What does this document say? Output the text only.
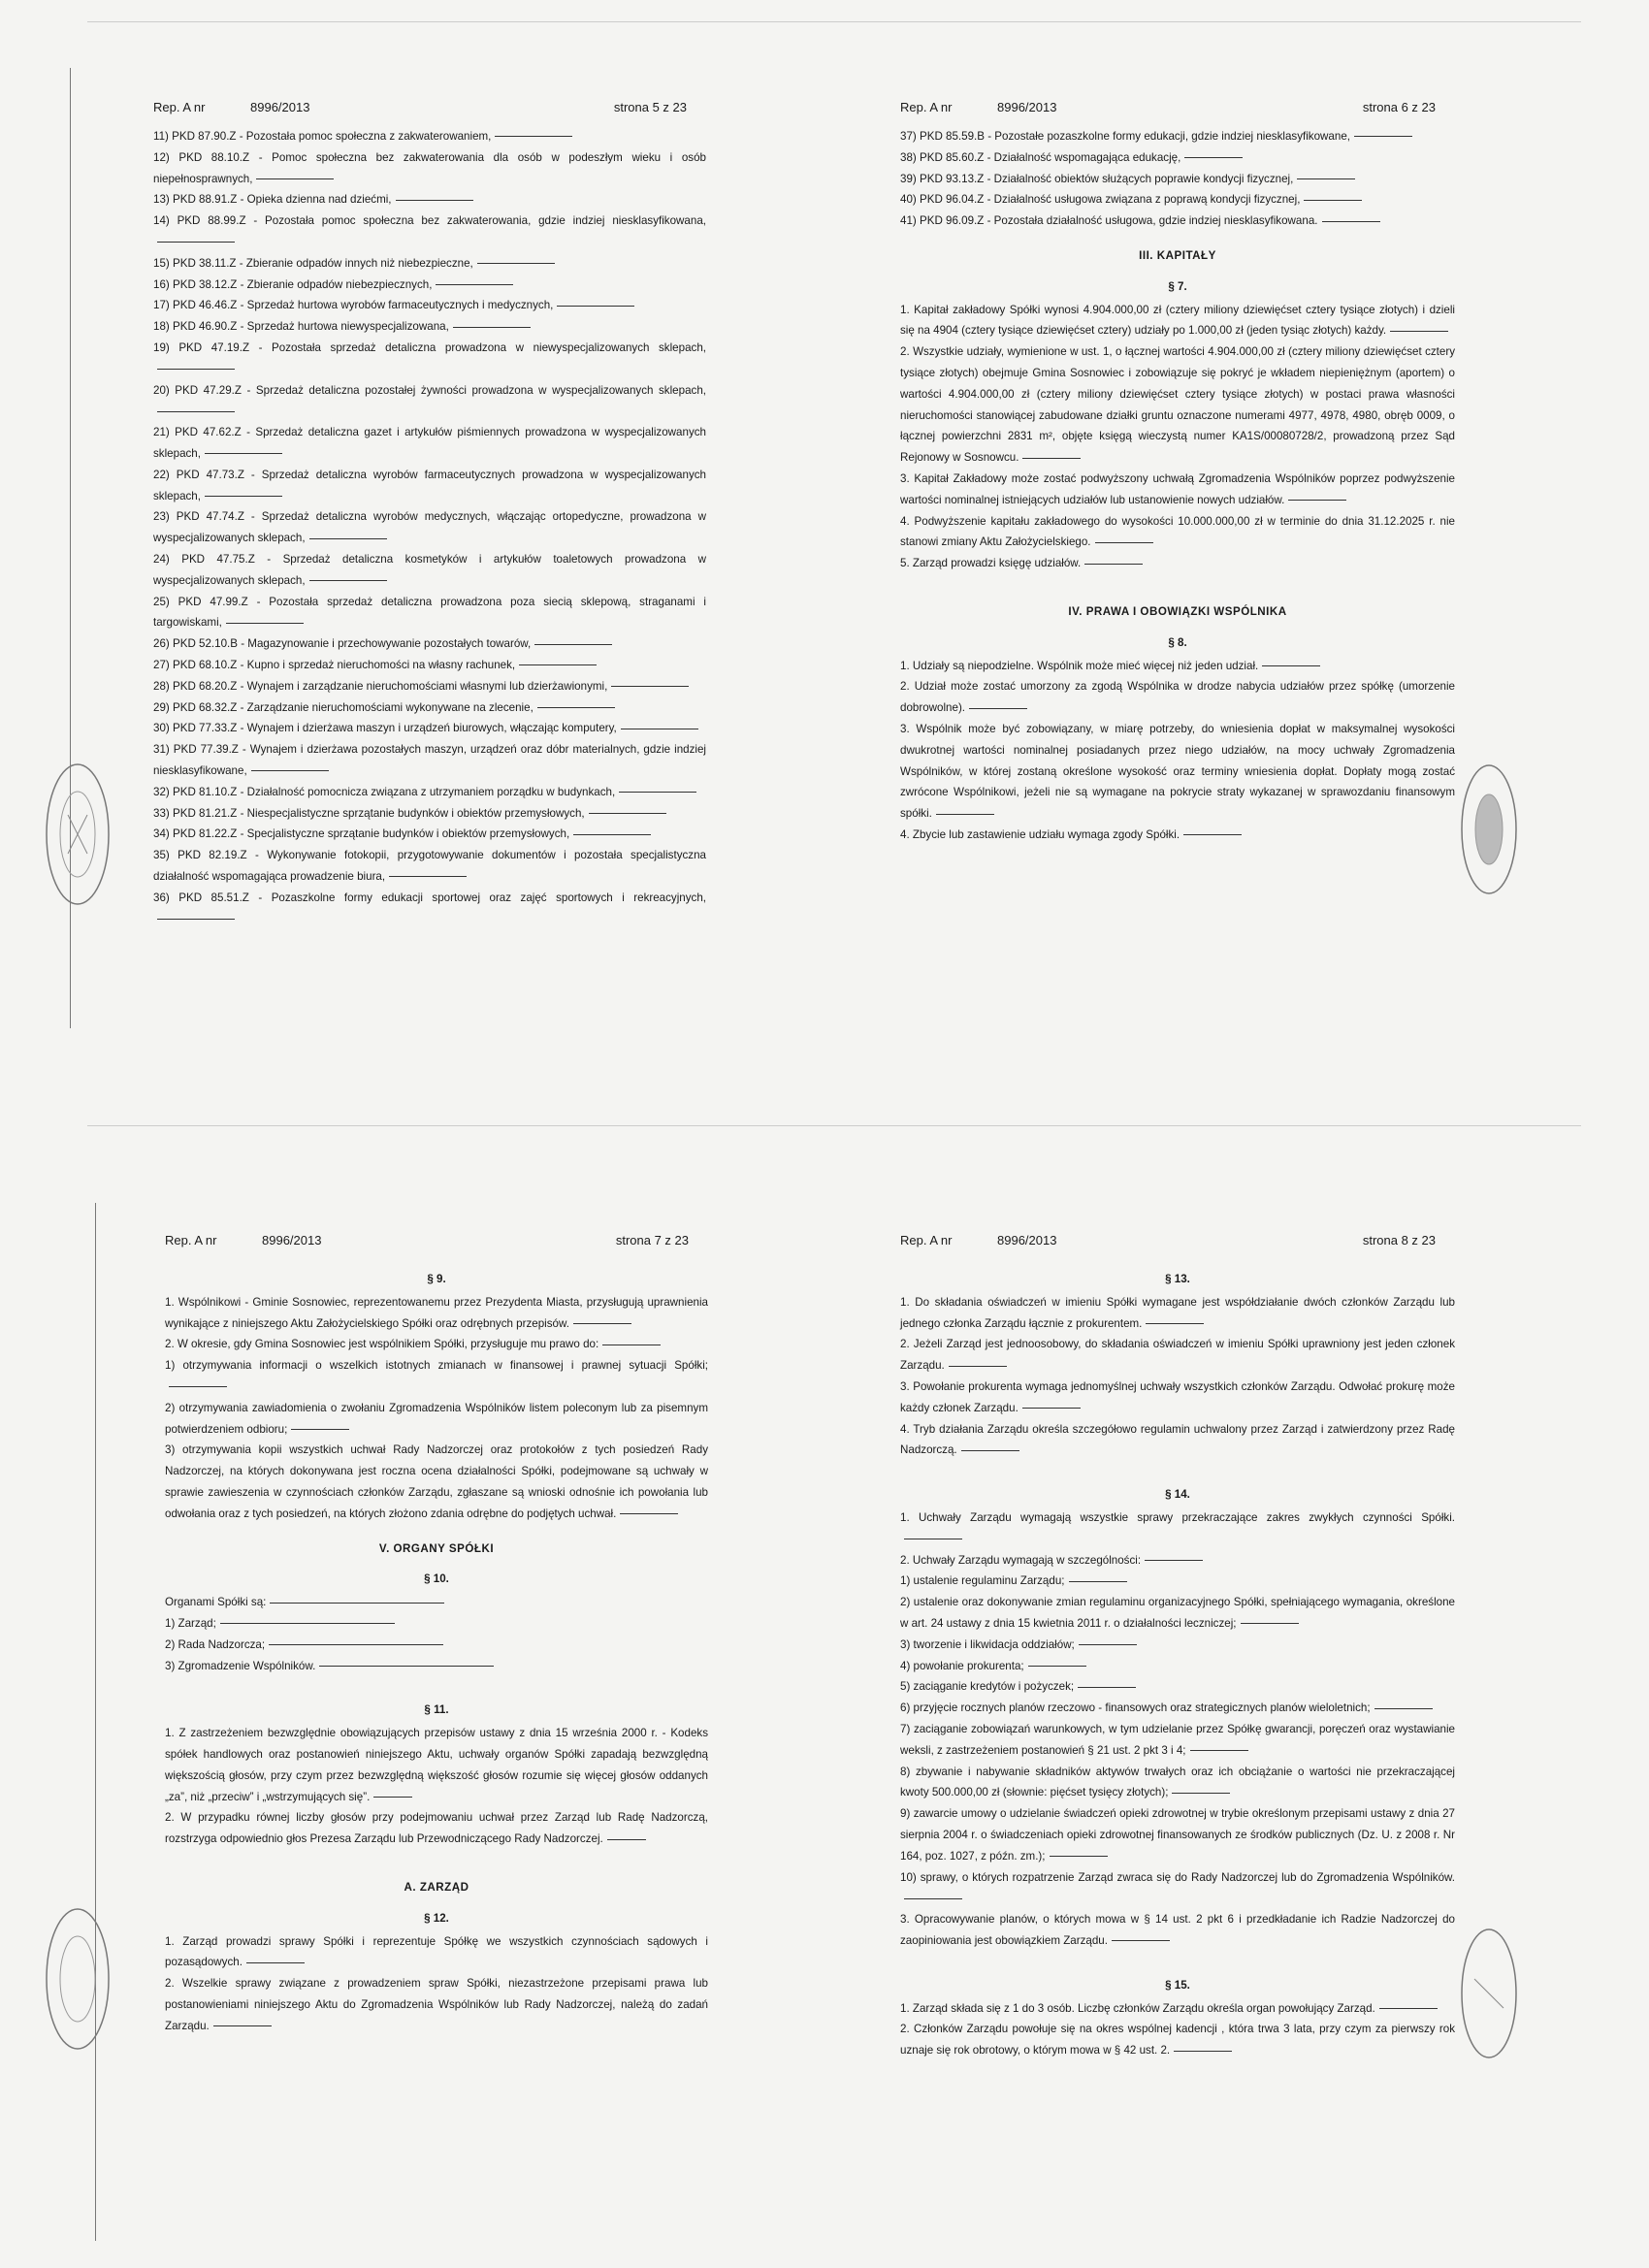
Rep. A nr	8996/2013	strona 5 z 23

11) PKD 87.90.Z - Pozostała pomoc społeczna z zakwaterowaniem,

12) PKD 88.10.Z - Pomoc społeczna bez zakwaterowania dla osób w podeszłym wieku i osób niepełnosprawnych,

13) PKD 88.91.Z - Opieka dzienna nad dziećmi,

14) PKD 88.99.Z - Pozostała pomoc społeczna bez zakwaterowania, gdzie indziej niesklasyfikowana,

15) PKD 38.11.Z - Zbieranie odpadów innych niż niebezpieczne,

16) PKD 38.12.Z - Zbieranie odpadów niebezpiecznych,

17) PKD 46.46.Z - Sprzedaż hurtowa wyrobów farmaceutycznych i medycznych,

18) PKD 46.90.Z - Sprzedaż hurtowa niewyspecjalizowana,

19) PKD 47.19.Z - Pozostała sprzedaż detaliczna prowadzona w niewyspecjalizowanych sklepach,

20) PKD 47.29.Z - Sprzedaż detaliczna pozostałej żywności prowadzona w wyspecjalizowanych sklepach,

21) PKD 47.62.Z - Sprzedaż detaliczna gazet i artykułów piśmiennych prowadzona w wyspecjalizowanych sklepach,

22) PKD 47.73.Z - Sprzedaż detaliczna wyrobów farmaceutycznych prowadzona w wyspecjalizowanych sklepach,

23) PKD 47.74.Z - Sprzedaż detaliczna wyrobów medycznych, włączając ortopedyczne, prowadzona w wyspecjalizowanych sklepach,

24) PKD 47.75.Z - Sprzedaż detaliczna kosmetyków i artykułów toaletowych prowadzona w wyspecjalizowanych sklepach,

25) PKD 47.99.Z - Pozostała sprzedaż detaliczna prowadzona poza siecią sklepową, straganami i targowiskami,

26) PKD 52.10.B - Magazynowanie i przechowywanie pozostałych towarów,

27) PKD 68.10.Z - Kupno i sprzedaż nieruchomości na własny rachunek,

28) PKD 68.20.Z - Wynajem i zarządzanie nieruchomościami własnymi lub dzierżawionymi,

29) PKD 68.32.Z - Zarządzanie nieruchomościami wykonywane na zlecenie,

30) PKD 77.33.Z - Wynajem i dzierżawa maszyn i urządzeń biurowych, włączając komputery,

31) PKD 77.39.Z - Wynajem i dzierżawa pozostałych maszyn, urządzeń oraz dóbr materialnych, gdzie indziej niesklasyfikowane,

32) PKD 81.10.Z - Działalność pomocnicza związana z utrzymaniem porządku w budynkach,

33) PKD 81.21.Z - Niespecjalistyczne sprzątanie budynków i obiektów przemysłowych,

34) PKD 81.22.Z - Specjalistyczne sprzątanie budynków i obiektów przemysłowych,

35) PKD 82.19.Z - Wykonywanie fotokopii, przygotowywanie dokumentów i pozostała specjalistyczna działalność wspomagająca prowadzenie biura,

36) PKD 85.51.Z - Pozaszkolne formy edukacji sportowej oraz zajęć sportowych i rekreacyjnych,

Rep. A nr	8996/2013	strona 6 z 23

37) PKD 85.59.B - Pozostałe pozaszkolne formy edukacji, gdzie indziej niesklasyfikowane,

38) PKD 85.60.Z - Działalność wspomagająca edukację,

39) PKD 93.13.Z - Działalność obiektów służących poprawie kondycji fizycznej,

40) PKD 96.04.Z - Działalność usługowa związana z poprawą kondycji fizycznej,

41) PKD 96.09.Z - Pozostała działalność usługowa, gdzie indziej niesklasyfikowana.

III. KAPITAŁY
§ 7.

1. Kapitał zakładowy Spółki wynosi 4.904.000,00 zł (cztery miliony dziewięćset cztery tysiące złotych) i dzieli się na 4904 (cztery tysiące dziewięćset cztery) udziały po 1.000,00 zł (jeden tysiąc złotych) każdy.

2. Wszystkie udziały, wymienione w ust. 1, o łącznej wartości 4.904.000,00 zł (cztery miliony dziewięćset cztery tysiące złotych) obejmuje Gmina Sosnowiec i zobowiązuje się pokryć je wkładem niepieniężnym (aportem) o wartości 4.904.000,00 zł (cztery miliony dziewięćset cztery tysiące złotych) w postaci prawa własności nieruchomości stanowiącej zabudowane działki gruntu oznaczone numerami 4977, 4978, 4980, obręb 0009, o łącznej powierzchni 2831 m², objęte księgą wieczystą numer KA1S/00080728/2, prowadzoną przez Sąd Rejonowy w Sosnowcu.

3. Kapitał Zakładowy może zostać podwyższony uchwałą Zgromadzenia Wspólników poprzez podwyższenie wartości nominalnej istniejących udziałów lub ustanowienie nowych udziałów.

4. Podwyższenie kapitału zakładowego do wysokości 10.000.000,00 zł w terminie do dnia 31.12.2025 r. nie stanowi zmiany Aktu Założycielskiego.

5. Zarząd prowadzi księgę udziałów.

IV. PRAWA I OBOWIĄZKI WSPÓLNIKA
§ 8.

1. Udziały są niepodzielne. Wspólnik może mieć więcej niż jeden udział.

2. Udział może zostać umorzony za zgodą Wspólnika w drodze nabycia udziałów przez spółkę (umorzenie dobrowolne).

3. Wspólnik może być zobowiązany, w miarę potrzeby, do wniesienia dopłat w maksymalnej wysokości dwukrotnej wartości nominalnej posiadanych przez niego udziałów, na mocy uchwały Zgromadzenia Wspólników, w której zostaną określone wysokość oraz terminy wniesienia dopłat. Dopłaty mogą zostać zwrócone Wspólnikowi, jeżeli nie są wymagane na pokrycie straty wykazanej w sprawozdaniu finansowym spółki.

4. Zbycie lub zastawienie udziału wymaga zgody Spółki.

Rep. A nr	8996/2013	strona 7 z 23
§ 9.

1. Wspólnikowi - Gminie Sosnowiec, reprezentowanemu przez Prezydenta Miasta, przysługują uprawnienia wynikające z niniejszego Aktu Założycielskiego Spółki oraz odrębnych przepisów.

2. W okresie, gdy Gmina Sosnowiec jest wspólnikiem Spółki, przysługuje mu prawo do:

1) otrzymywania informacji o wszelkich istotnych zmianach w finansowej i prawnej sytuacji Spółki;

2) otrzymywania zawiadomienia o zwołaniu Zgromadzenia Wspólników listem poleconym lub za pisemnym potwierdzeniem odbioru;

3) otrzymywania kopii wszystkich uchwał Rady Nadzorczej oraz protokołów z tych posiedzeń Rady Nadzorczej, na których dokonywana jest roczna ocena działalności Spółki, podejmowane są uchwały w sprawie zawieszenia w czynnościach członków Zarządu, zgłaszane są wnioski odnośnie ich powołania lub odwołania oraz z tych posiedzeń, na których złożono zdania odrębne do podjętych uchwał.

V. ORGANY SPÓŁKI
§ 10.

Organami Spółki są:

1) Zarząd;

2) Rada Nadzorcza;

3) Zgromadzenie Wspólników.

§ 11.

1. Z zastrzeżeniem bezwzględnie obowiązujących przepisów ustawy z dnia 15 września 2000 r. - Kodeks spółek handlowych oraz postanowień niniejszego Aktu, uchwały organów Spółki zapadają bezwzględną większością głosów, przy czym przez bezwzględną większość głosów rozumie się więcej głosów oddanych „za”, niż „przeciw” i „wstrzymujących się”.

2. W przypadku równej liczby głosów przy podejmowaniu uchwał przez Zarząd lub Radę Nadzorczą, rozstrzyga odpowiednio głos Prezesa Zarządu lub Przewodniczącego Rady Nadzorczej.

A. ZARZĄD
§ 12.

1. Zarząd prowadzi sprawy Spółki i reprezentuje Spółkę we wszystkich czynnościach sądowych i pozasądowych.

2. Wszelkie sprawy związane z prowadzeniem spraw Spółki, niezastrzeżone przepisami prawa lub postanowieniami niniejszego Aktu do Zgromadzenia Wspólników lub Rady Nadzorczej, należą do zadań Zarządu.

Rep. A nr	8996/2013	strona 8 z 23
§ 13.

1. Do składania oświadczeń w imieniu Spółki wymagane jest współdziałanie dwóch członków Zarządu lub jednego członka Zarządu łącznie z prokurentem.

2. Jeżeli Zarząd jest jednoosobowy, do składania oświadczeń w imieniu Spółki uprawniony jest jeden członek Zarządu.

3. Powołanie prokurenta wymaga jednomyślnej uchwały wszystkich członków Zarządu. Odwołać prokurę może każdy członek Zarządu.

4. Tryb działania Zarządu określa szczegółowo regulamin uchwalony przez Zarząd i zatwierdzony przez Radę Nadzorczą.

§ 14.

1. Uchwały Zarządu wymagają wszystkie sprawy przekraczające zakres zwykłych czynności Spółki.

2. Uchwały Zarządu wymagają w szczególności:

1) ustalenie regulaminu Zarządu;

2) ustalenie oraz dokonywanie zmian regulaminu organizacyjnego Spółki, spełniającego wymagania, określone w art. 24 ustawy z dnia 15 kwietnia 2011 r. o działalności leczniczej;

3) tworzenie i likwidacja oddziałów;

4) powołanie prokurenta;

5) zaciąganie kredytów i pożyczek;

6) przyjęcie rocznych planów rzeczowo - finansowych oraz strategicznych planów wieloletnich;

7) zaciąganie zobowiązań warunkowych, w tym udzielanie przez Spółkę gwarancji, poręczeń oraz wystawianie weksli, z zastrzeżeniem postanowień § 21 ust. 2 pkt 3 i 4;

8) zbywanie i nabywanie składników aktywów trwałych oraz ich obciążanie o wartości nie przekraczającej kwoty 500.000,00 zł (słownie: pięćset tysięcy złotych);

9) zawarcie umowy o udzielanie świadczeń opieki zdrowotnej w trybie określonym przepisami ustawy z dnia 27 sierpnia 2004 r. o świadczeniach opieki zdrowotnej finansowanych ze środków publicznych (Dz. U. z 2008 r. Nr 164, poz. 1027, z późn. zm.);

10) sprawy, o których rozpatrzenie Zarząd zwraca się do Rady Nadzorczej lub do Zgromadzenia Wspólników.

3. Opracowywanie planów, o których mowa w § 14 ust. 2 pkt 6 i przedkładanie ich Radzie Nadzorczej do zaopiniowania jest obowiązkiem Zarządu.

§ 15.

1. Zarząd składa się z 1 do 3 osób. Liczbę członków Zarządu określa organ powołujący Zarząd.

2. Członków Zarządu powołuje się na okres wspólnej kadencji , która trwa 3 lata, przy czym za pierwszy rok uznaje się rok obrotowy, o którym mowa w § 42 ust. 2.
